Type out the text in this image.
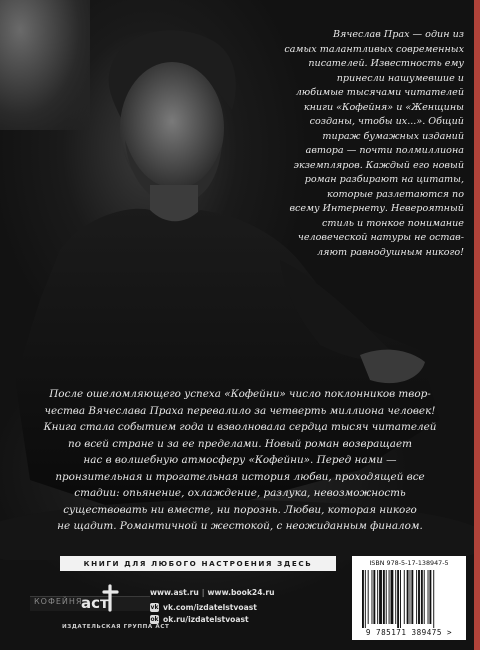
КОФЕЙНЯ

Вячеслав Прах — один из
самых талантливых современных
писателей. Известность ему
принесли нашумевшие и
любимые тысячами читателей
книги «Кофейня» и «Женщины
созданы, чтобы их...». Общий
тираж бумажных изданий
автора — почти полмиллиона
экземпляров. Каждый его новый
роман разбирают на цитаты,
которые разлетаются по
всему Интернету. Невероятный
стиль и тонкое понимание
человеческой натуры не остав-
ляют равнодушным никого!

После ошеломляющего успеха «Кофейни» число поклонников твор-
чества Вячеслава Праха перевалило за четверть миллиона человек!
Книга стала событием года и взволновала сердца тысяч читателей
по всей стране и за ее пределами. Новый роман возвращает
нас в волшебную атмосферу «Кофейни». Перед нами —
пронзительная и трогательная история любви, проходящей все
стадии: опьянение, охлаждение, разлука, невозможность
существовать ни вместе, ни порознь. Любви, которая никого
не щадит. Романтичной и жестокой, с неожиданным финалом.

КНИГИ ДЛЯ ЛЮБОГО НАСТРОЕНИЯ ЗДЕСЬ
аст
ИЗДАТЕЛЬСКАЯ ГРУППА АСТ
www.ast.ru | www.book24.ru
vk vk.com/izdatelstvoast
ok ok.ru/izdatelstvoast
ISBN 978-5-17-138947-5
9 785171 389475 >
